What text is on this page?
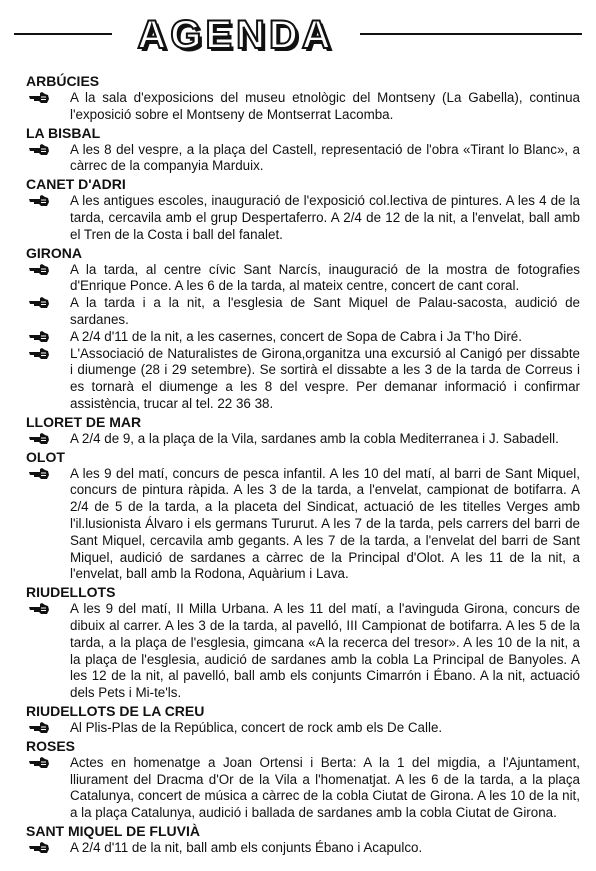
AGENDA
ARBÚCIES
A la sala d'exposicions del museu etnològic del Montseny (La Gabella), continua l'exposició sobre el Montseny de Montserrat Lacomba.
LA BISBAL
A les 8 del vespre, a la plaça del Castell, representació de l'obra «Tirant lo Blanc», a càrrec de la companyia Marduix.
CANET D'ADRI
A les antigues escoles, inauguració de l'exposició col.lectiva de pintures. A les 4 de la tarda, cercavila amb el grup Despertaferro. A 2/4 de 12 de la nit, a l'envelat, ball amb el Tren de la Costa i ball del fanalet.
GIRONA
A la tarda, al centre cívic Sant Narcís, inauguració de la mostra de fotografies d'Enrique Ponce. A les 6 de la tarda, al mateix centre, concert de cant coral.
A la tarda i a la nit, a l'esglesia de Sant Miquel de Palau-sacosta, audició de sardanes.
A 2/4 d'11 de la nit, a les casernes, concert de Sopa de Cabra i Ja T'ho Diré.
L'Associació de Naturalistes de Girona,organitza una excursió al Canigó per dissabte i diumenge (28 i 29 setembre). Se sortirà el dissabte a les 3 de la tarda de Correus i es tornarà el diumenge a les 8 del vespre. Per demanar informació i confirmar assistència, trucar al tel. 22 36 38.
LLORET DE MAR
A 2/4 de 9, a la plaça de la Vila, sardanes amb la cobla Mediterranea i J. Sabadell.
OLOT
A les 9 del matí, concurs de pesca infantil. A les 10 del matí, al barri de Sant Miquel, concurs de pintura ràpida. A les 3 de la tarda, a l'envelat, campionat de botifarra. A 2/4 de 5 de la tarda, a la placeta del Sindicat, actuació de les titelles Verges amb l'il.lusionista Álvaro i els germans Tururut. A les 7 de la tarda, pels carrers del barri de Sant Miquel, cercavila amb gegants. A les 7 de la tarda, a l'envelat del barri de Sant Miquel, audició de sardanes a càrrec de la Principal d'Olot. A les 11 de la nit, a l'envelat, ball amb la Rodona, Aquàrium i Lava.
RIUDELLOTS
A les 9 del matí, II Milla Urbana. A les 11 del matí, a l'avinguda Girona, concurs de dibuix al carrer. A les 3 de la tarda, al pavelló, III Campionat de botifarra. A les 5 de la tarda, a la plaça de l'esglesia, gimcana «A la recerca del tresor». A les 10 de la nit, a la plaça de l'esglesia, audició de sardanes amb la cobla La Principal de Banyoles. A les 12 de la nit, al pavelló, ball amb els conjunts Cimarrón i Ébano. A la nit, actuació dels Pets i Mi-te'ls.
RIUDELLOTS DE LA CREU
Al Plis-Plas de la República, concert de rock amb els De Calle.
ROSES
Actes en homenatge a Joan Ortensi i Berta: A la 1 del migdia, a l'Ajuntament, lliurament del Dracma d'Or de la Vila a l'homenatjat. A les 6 de la tarda, a la plaça Catalunya, concert de música a càrrec de la cobla Ciutat de Girona. A les 10 de la nit, a la plaça Catalunya, audició i ballada de sardanes amb la cobla Ciutat de Girona.
SANT MIQUEL DE FLUVIÀ
A 2/4 d'11 de la nit, ball amb els conjunts Ébano i Acapulco.
